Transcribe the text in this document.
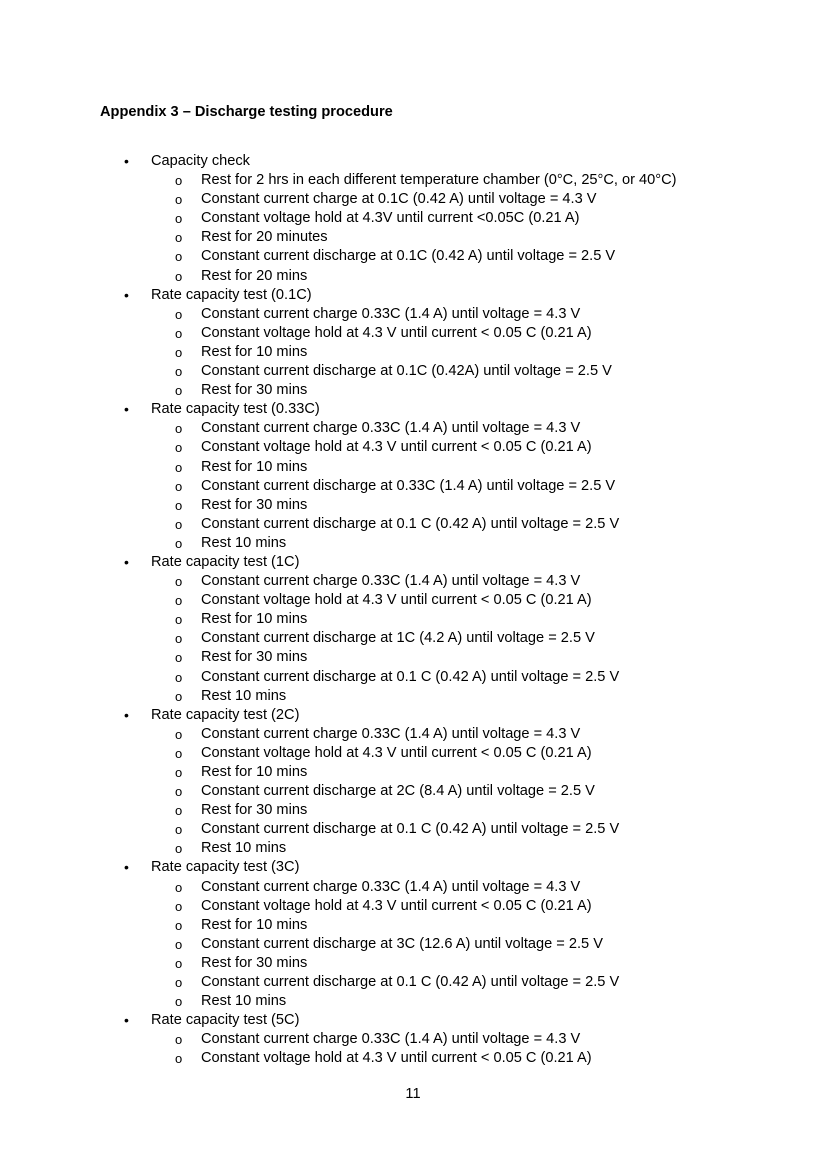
Appendix 3 – Discharge testing procedure
• Capacity check
o Rest for 2 hrs in each different temperature chamber (0°C, 25°C, or 40°C)
o Constant current charge at 0.1C (0.42 A) until voltage = 4.3 V
o Constant voltage hold at 4.3V until current <0.05C (0.21 A)
o Rest for 20 minutes
o Constant current discharge at 0.1C (0.42 A) until voltage = 2.5 V
o Rest for 20 mins
• Rate capacity test (0.1C)
o Constant current charge 0.33C (1.4 A) until voltage = 4.3 V
o Constant voltage hold at 4.3 V until current < 0.05 C (0.21 A)
o Rest for 10 mins
o Constant current discharge at 0.1C (0.42A) until voltage = 2.5 V
o Rest for 30 mins
• Rate capacity test (0.33C)
o Constant current charge 0.33C (1.4 A) until voltage = 4.3 V
o Constant voltage hold at 4.3 V until current < 0.05 C (0.21 A)
o Rest for 10 mins
o Constant current discharge at 0.33C (1.4 A) until voltage = 2.5 V
o Rest for 30 mins
o Constant current discharge at 0.1 C (0.42 A) until voltage = 2.5 V
o Rest 10 mins
• Rate capacity test (1C)
o Constant current charge 0.33C (1.4 A) until voltage = 4.3 V
o Constant voltage hold at 4.3 V until current < 0.05 C (0.21 A)
o Rest for 10 mins
o Constant current discharge at 1C (4.2 A) until voltage = 2.5 V
o Rest for 30 mins
o Constant current discharge at 0.1 C (0.42 A) until voltage = 2.5 V
o Rest 10 mins
• Rate capacity test (2C)
o Constant current charge 0.33C (1.4 A) until voltage = 4.3 V
o Constant voltage hold at 4.3 V until current < 0.05 C (0.21 A)
o Rest for 10 mins
o Constant current discharge at 2C (8.4 A) until voltage = 2.5 V
o Rest for 30 mins
o Constant current discharge at 0.1 C (0.42 A) until voltage = 2.5 V
o Rest 10 mins
• Rate capacity test (3C)
o Constant current charge 0.33C (1.4 A) until voltage = 4.3 V
o Constant voltage hold at 4.3 V until current < 0.05 C (0.21 A)
o Rest for 10 mins
o Constant current discharge at 3C (12.6 A) until voltage = 2.5 V
o Rest for 30 mins
o Constant current discharge at 0.1 C (0.42 A) until voltage = 2.5 V
o Rest 10 mins
• Rate capacity test (5C)
o Constant current charge 0.33C (1.4 A) until voltage = 4.3 V
o Constant voltage hold at 4.3 V until current < 0.05 C (0.21 A)
11
